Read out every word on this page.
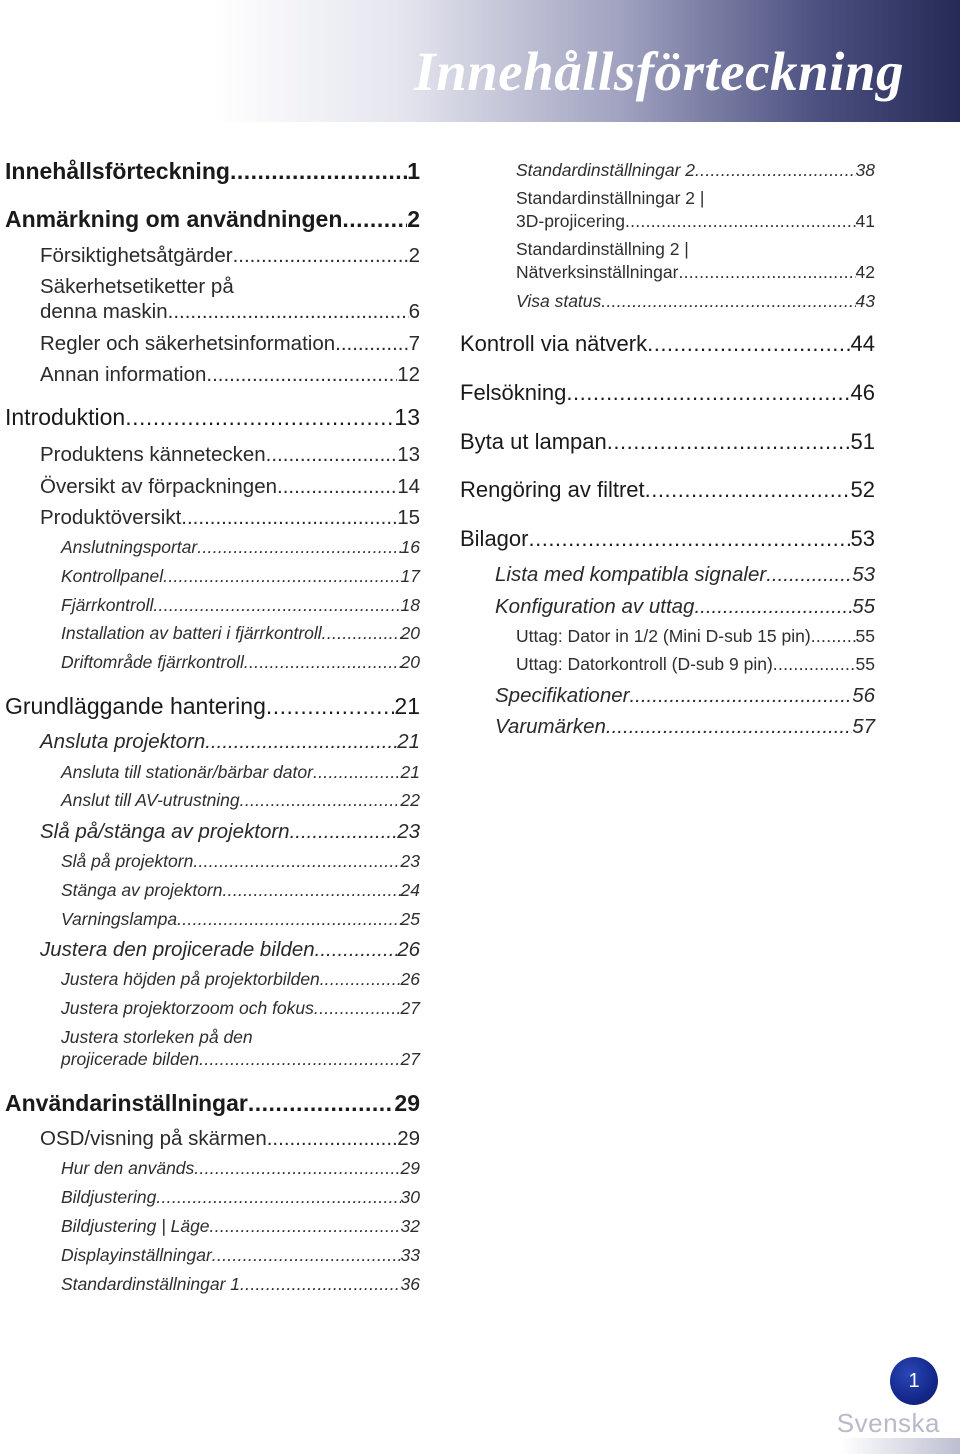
Innehållsförteckning
Innehållsförteckning .....	1
Anmärkning om användningen .....	2
Försiktighetsåtgärder .....	2
Säkerhetsetiketter på
denna maskin .....	6
Regler och säkerhetsinformation .....	7
Annan information .....	12
Introduktion .....	13
Produktens kännetecken .....	13
Översikt av förpackningen .....	14
Produktöversikt .....	15
Anslutningsportar .....	16
Kontrollpanel .....	17
Fjärrkontroll .....	18
Installation av batteri i fjärrkontroll .....	20
Driftområde fjärrkontroll .....	20
Grundläggande hantering .....	21
Ansluta projektorn .....	21
Ansluta till stationär/bärbar dator .....	21
Anslut till AV-utrustning .....	22
Slå på/stänga av projektorn .....	23
Slå på projektorn .....	23
Stänga av projektorn .....	24
Varningslampa .....	25
Justera den projicerade bilden .....	26
Justera höjden på projektorbilden. .....	26
Justera projektorzoom och fokus .....	27
Justera storleken på den
projicerade bilden .....	27
Användarinställningar .....	29
OSD/visning på skärmen .....	29
Hur den används .....	29
Bildjustering .....	30
Bildjustering | Läge .....	32
Displayinställningar .....	33
Standardinställningar 1 .....	36
Standardinställningar 2 .....	38
Standardinställningar 2 |
3D-projicering .....	41
Standardinställning 2 |
Nätverksinställningar .....	42
Visa status .....	43
Kontroll via nätverk .....	44
Felsökning .....	46
Byta ut lampan .....	51
Rengöring av filtret .....	52
Bilagor .....	53
Lista med kompatibla signaler .....	53
Konfiguration av uttag .....	55
Uttag: Dator in 1/2 (Mini D-sub 15 pin) .....	55
Uttag: Datorkontroll (D-sub 9 pin) .....	55
Specifikationer .....	56
Varumärken .....	57
1
Svenska
